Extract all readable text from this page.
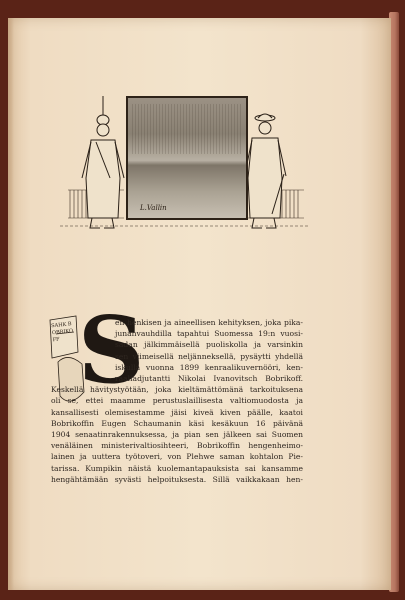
L.Vallin
S
SAHK BOBRIKOFF
en henkisen ja aineellisen kehityksen, joka pika-
junanvauhdilla tapahtui Suomessa 19:n vuosi-
sadan jälkimmäisellä puoliskolla ja varsinkin
sen viimeisellä neljänneksellä, pysäytti yhdellä
iskulla vuonna 1899 kenraalikuvernööri, ken-
raaliadjutantti Nikolai Ivanovitsch Bobrikoff.
Keskellä hävitystyötään, joka kieltämättömänä tarkoituksena
oli se, ettei maamme perustuslaillisesta valtiomuodosta ja
kansallisesti olemisestamme jäisi kiveä kiven päälle, kaatoi
Bobrikoffin Eugen Schaumanin käsi kesäkuun 16 päivänä
1904 senaatinrakennuksessa, ja pian sen jälkeen sai Suomen
venäläinen ministerivaltiosihteeri, Bobrikoffin hengenheimo-
lainen ja uuttera työtoveri, von Plehwe saman kohtalon Pie-
tarissa. Kumpikin näistä kuolemantapauksista sai kansamme
hengähtämään syvästi helpoituksesta. Sillä vaikkakaan hen-
